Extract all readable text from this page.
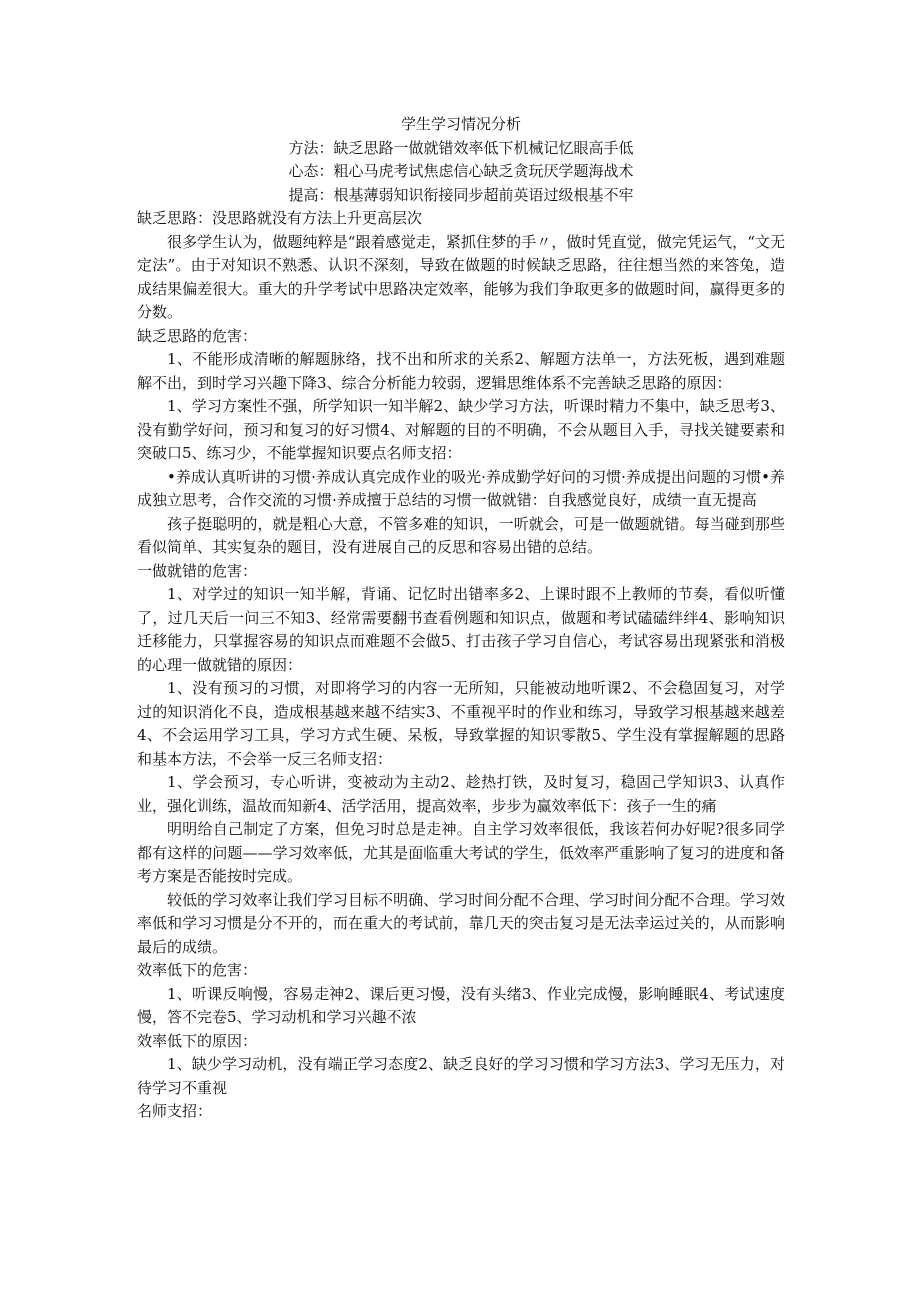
学生学习情况分析
方法：缺乏思路一做就错效率低下机械记忆眼高手低
心态：粗心马虎考试焦虑信心缺乏贪玩厌学题海战术
提高：根基薄弱知识衔接同步超前英语过级根基不牢

缺乏思路：没思路就没有方法上升更高层次

很多学生认为，做题纯粹是“跟着感觉走，紧抓住梦的手〃，做时凭直觉，做完凭运气，“文无定法”。由于对知识不熟悉、认识不深刻，导致在做题的时候缺乏思路，往往想当然的来答兔，造成结果偏差很大。重大的升学考试中思路决定效率，能够为我们争取更多的做题时间，赢得更多的分数。

缺乏思路的危害：

1、不能形成清晰的解题脉络，找不出和所求的关系2、解题方法单一，方法死板，遇到难题解不出，到时学习兴趣下降3、综合分析能力较弱，逻辑思维体系不完善缺乏思路的原因：

1、学习方案性不强，所学知识一知半解2、缺少学习方法，听课时精力不集中，缺乏思考3、没有勤学好问，预习和复习的好习惯4、对解题的目的不明确，不会从题目入手，寻找关键要素和突破口5、练习少，不能掌握知识要点名师支招：

•养成认真听讲的习惯·养成认真完成作业的吸光·养成勤学好问的习惯·养成提出问题的习惯•养成独立思考，合作交流的习惯·养成擅于总结的习惯一做就错：自我感觉良好，成绩一直无提高

孩子挺聪明的，就是粗心大意，不管多难的知识，一听就会，可是一做题就错。每当碰到那些看似简单、其实复杂的题目，没有进展自己的反思和容易出错的总结。

一做就错的危害：

1、对学过的知识一知半解，背诵、记忆时出错率多2、上课时跟不上教师的节奏，看似听懂了，过几天后一问三不知3、经常需要翻书查看例题和知识点，做题和考试磕磕绊绊4、影响知识迁移能力，只掌握容易的知识点而难题不会做5、打击孩子学习自信心，考试容易出现紧张和消极的心理一做就错的原因：

1、没有预习的习惯，对即将学习的内容一无所知，只能被动地听课2、不会稳固复习，对学过的知识消化不良，造成根基越来越不结实3、不重视平时的作业和练习，导致学习根基越来越差4、不会运用学习工具，学习方式生硬、呆板，导致掌握的知识零散5、学生没有掌握解题的思路和基本方法，不会举一反三名师支招：

1、学会预习，专心听讲，变被动为主动2、趁热打铁，及时复习，稳固己学知识3、认真作业，强化训练，温故而知新4、活学活用，提高效率，步步为赢效率低下：孩子一生的痛

明明给自己制定了方案，但免习时总是走神。自主学习效率很低，我该若何办好呢?很多同学都有这样的问题——学习效率低，尤其是面临重大考试的学生，低效率严重影响了复习的进度和备考方案是否能按时完成。

较低的学习效率让我们学习目标不明确、学习时间分配不合理、学习时间分配不合理。学习效率低和学习习惯是分不开的，而在重大的考试前，靠几天的突击复习是无法幸运过关的，从而影响最后的成绩。

效率低下的危害：

1、听课反响慢，容易走神2、课后更习慢，没有头绪3、作业完成慢，影响睡眠4、考试速度慢，答不完卷5、学习动机和学习兴趣不浓

效率低下的原因：

1、缺少学习动机，没有端正学习态度2、缺乏良好的学习习惯和学习方法3、学习无压力，对待学习不重视

名师支招：
